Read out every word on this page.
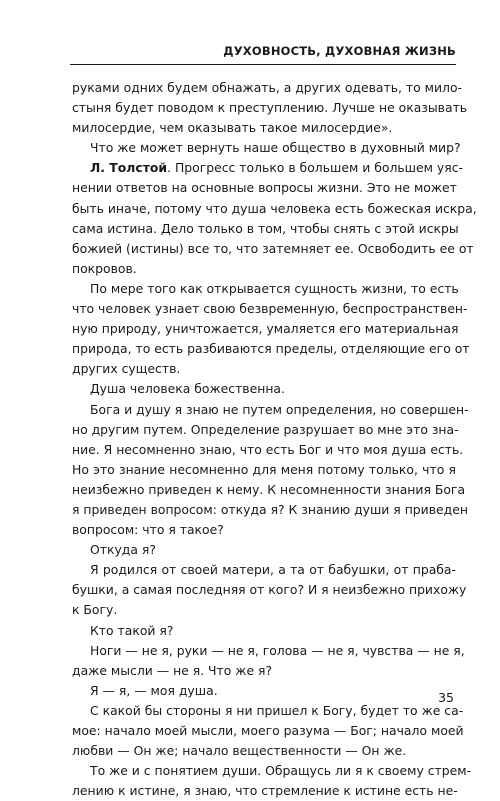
ДУХОВНОСТЬ, ДУХОВНАЯ ЖИЗНЬ
руками одних будем обнажать, а других одевать, то мило-
стыня будет поводом к преступлению. Лучше не оказывать
милосердие, чем оказывать такое милосердие».
Что же может вернуть наше общество в духовный мир?
Л. Толстой. Прогресс только в большем и большем уяс-
нении ответов на основные вопросы жизни. Это не может
быть иначе, потому что душа человека есть божеская искра,
сама истина. Дело только в том, чтобы снять с этой искры
божией (истины) все то, что затемняет ее. Освободить ее от
покровов.
По мере того как открывается сущность жизни, то есть
что человек узнает свою безвременную, беспространствен-
ную природу, уничтожается, умаляется его материальная
природа, то есть разбиваются пределы, отделяющие его от
других существ.
Душа человека божественна.
Бога и душу я знаю не путем определения, но совершен-
но другим путем. Определение разрушает во мне это зна-
ние. Я несомненно знаю, что есть Бог и что моя душа есть.
Но это знание несомненно для меня потому только, что я
неизбежно приведен к нему. К несомненности знания Бога
я приведен вопросом: откуда я? К знанию души я приведен
вопросом: что я такое?
Откуда я?
Я родился от своей матери, а та от бабушки, от праба-
бушки, а самая последняя от кого? И я неизбежно прихожу
к Богу.
Кто такой я?
Ноги — не я, руки — не я, голова — не я, чувства — не я,
даже мысли — не я. Что же я?
Я — я, — моя душа.
С какой бы стороны я ни пришел к Богу, будет то же са-
мое: начало моей мысли, моего разума — Бог; начало моей
любви — Он же; начало вещественности — Он же.
То же и с понятием души. Обращусь ли я к своему стрем-
лению к истине, я знаю, что стремление к истине есть не-
35
